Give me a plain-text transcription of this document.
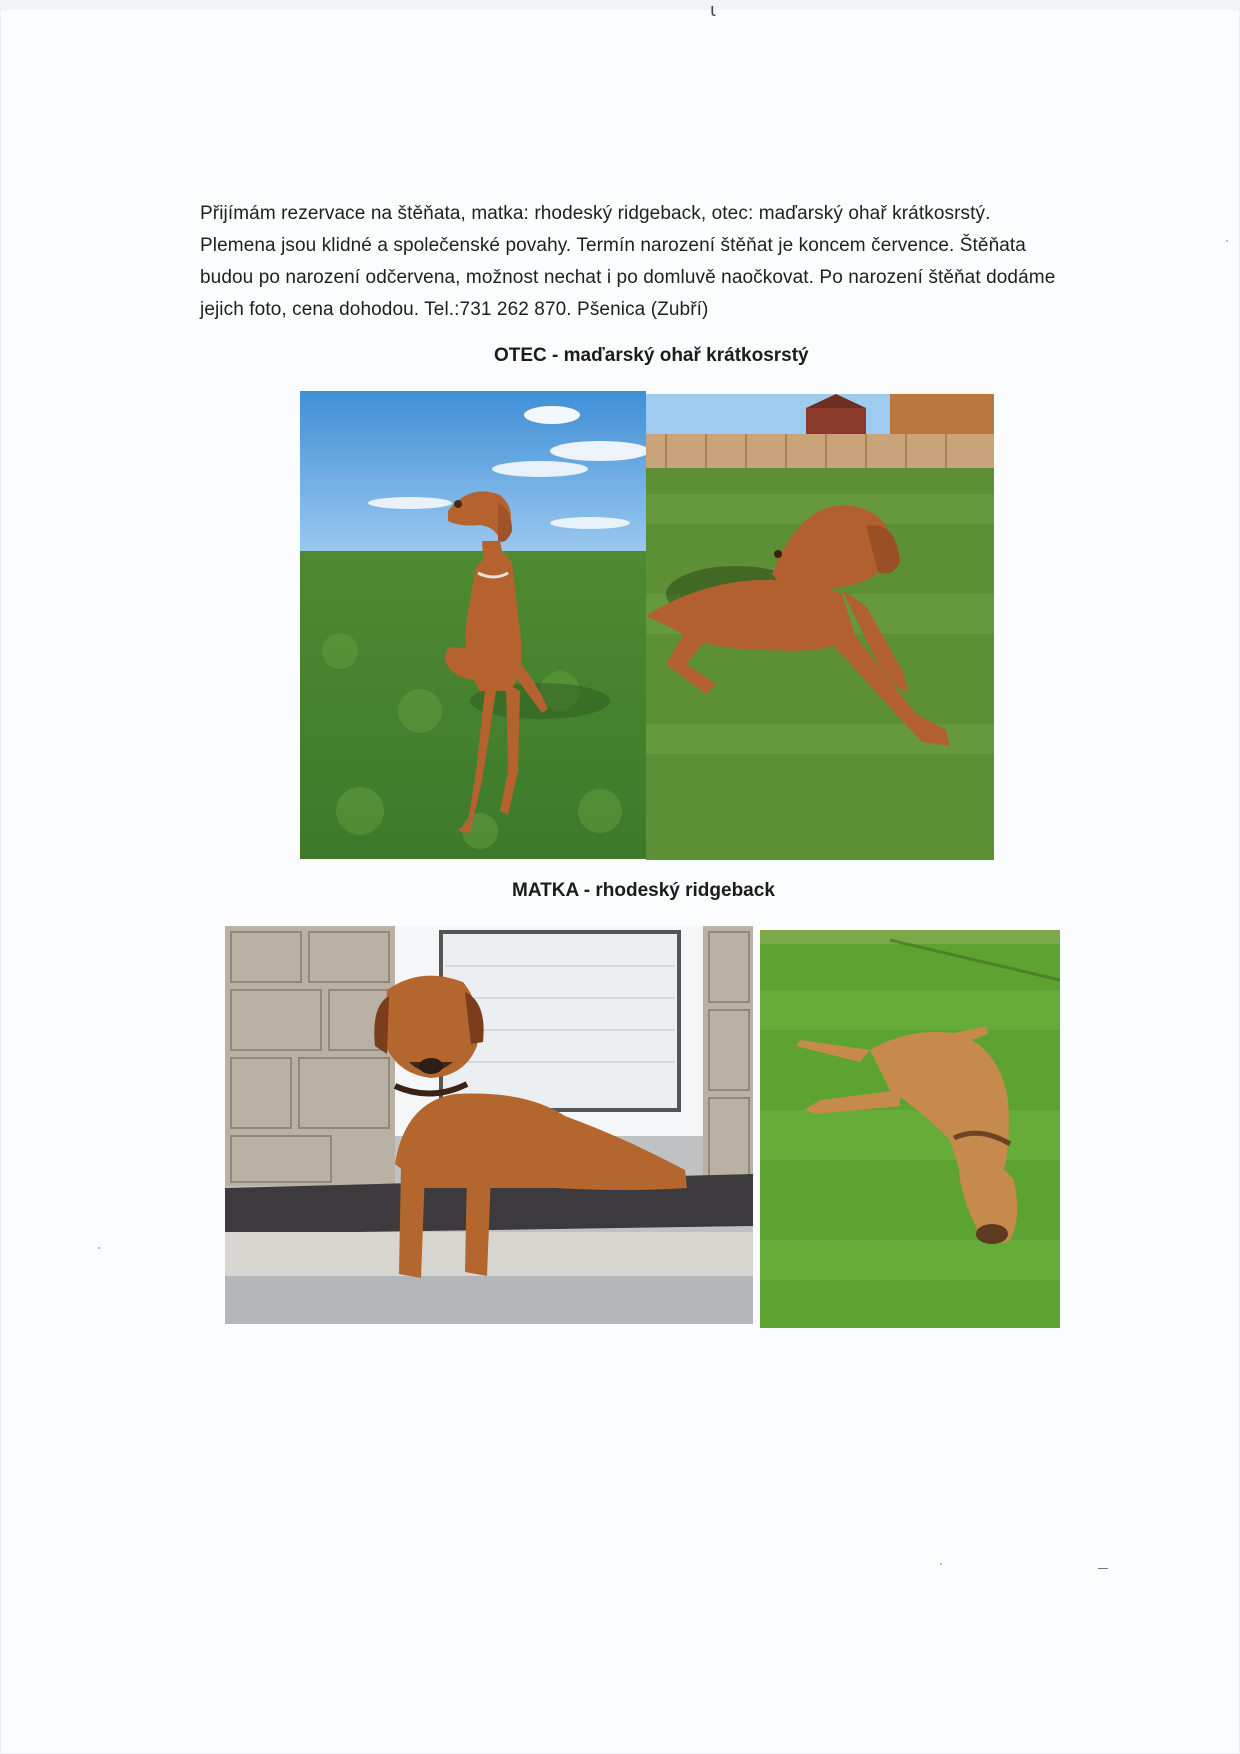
ɩ
Přijímám rezervace na štěňata, matka: rhodeský ridgeback, otec: maďarský ohař krátkosrstý.
Plemena jsou klidné a společenské povahy. Termín narození štěňat je koncem července. Štěňata
budou po narození odčervena, možnost nechat i po domluvě naočkovat. Po narození štěňat dodáme
jejich foto, cena dohodou. Tel.:731 262 870. Pšenica (Zubří)
OTEC - maďarský ohař krátkosrstý
MATKA - rhodeský ridgeback
